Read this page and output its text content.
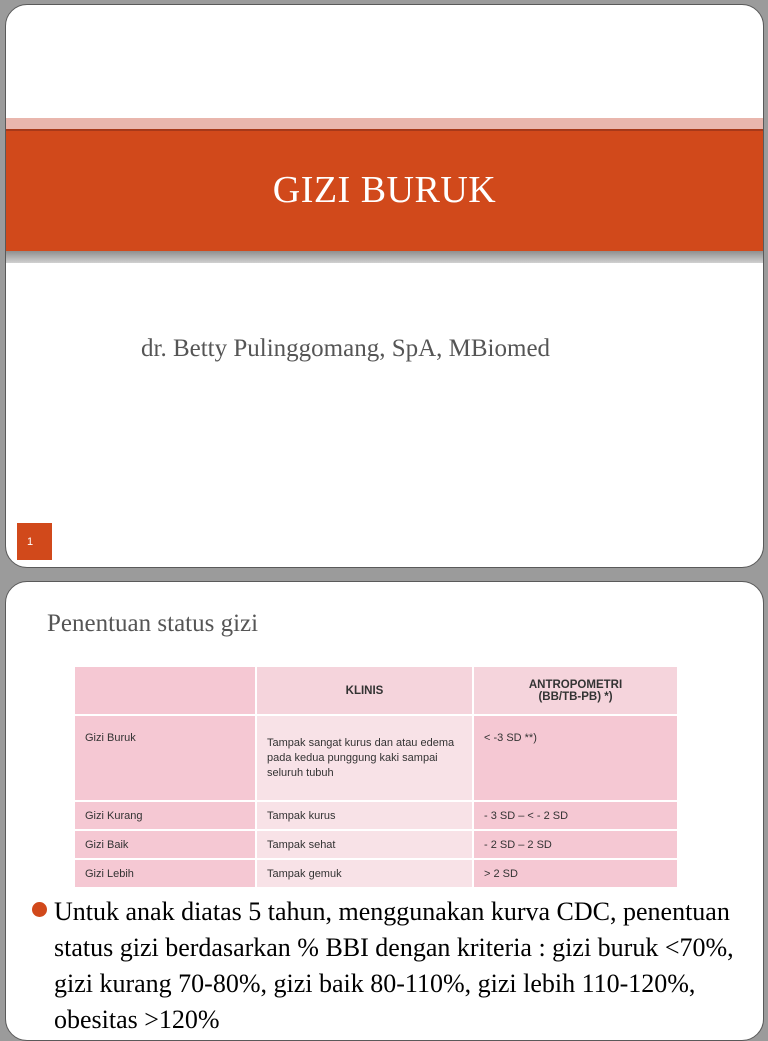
GIZI BURUK
dr. Betty Pulinggomang, SpA, MBiomed
1
Penentuan status gizi
	KLINIS	ANTROPOMETRI
(BB/TB-PB) *)
Gizi Buruk	Tampak sangat kurus dan atau edema pada kedua punggung kaki sampai seluruh tubuh	< -3 SD **)
Gizi Kurang	Tampak kurus	- 3 SD – < - 2 SD
Gizi Baik	Tampak sehat	- 2 SD – 2 SD
Gizi Lebih	Tampak gemuk	> 2 SD
Untuk anak diatas 5 tahun, menggunakan kurva CDC, penentuan status gizi berdasarkan % BBI dengan kriteria : gizi buruk <70%, gizi kurang 70-80%, gizi baik 80-110%, gizi lebih 110-120%, obesitas >120%
